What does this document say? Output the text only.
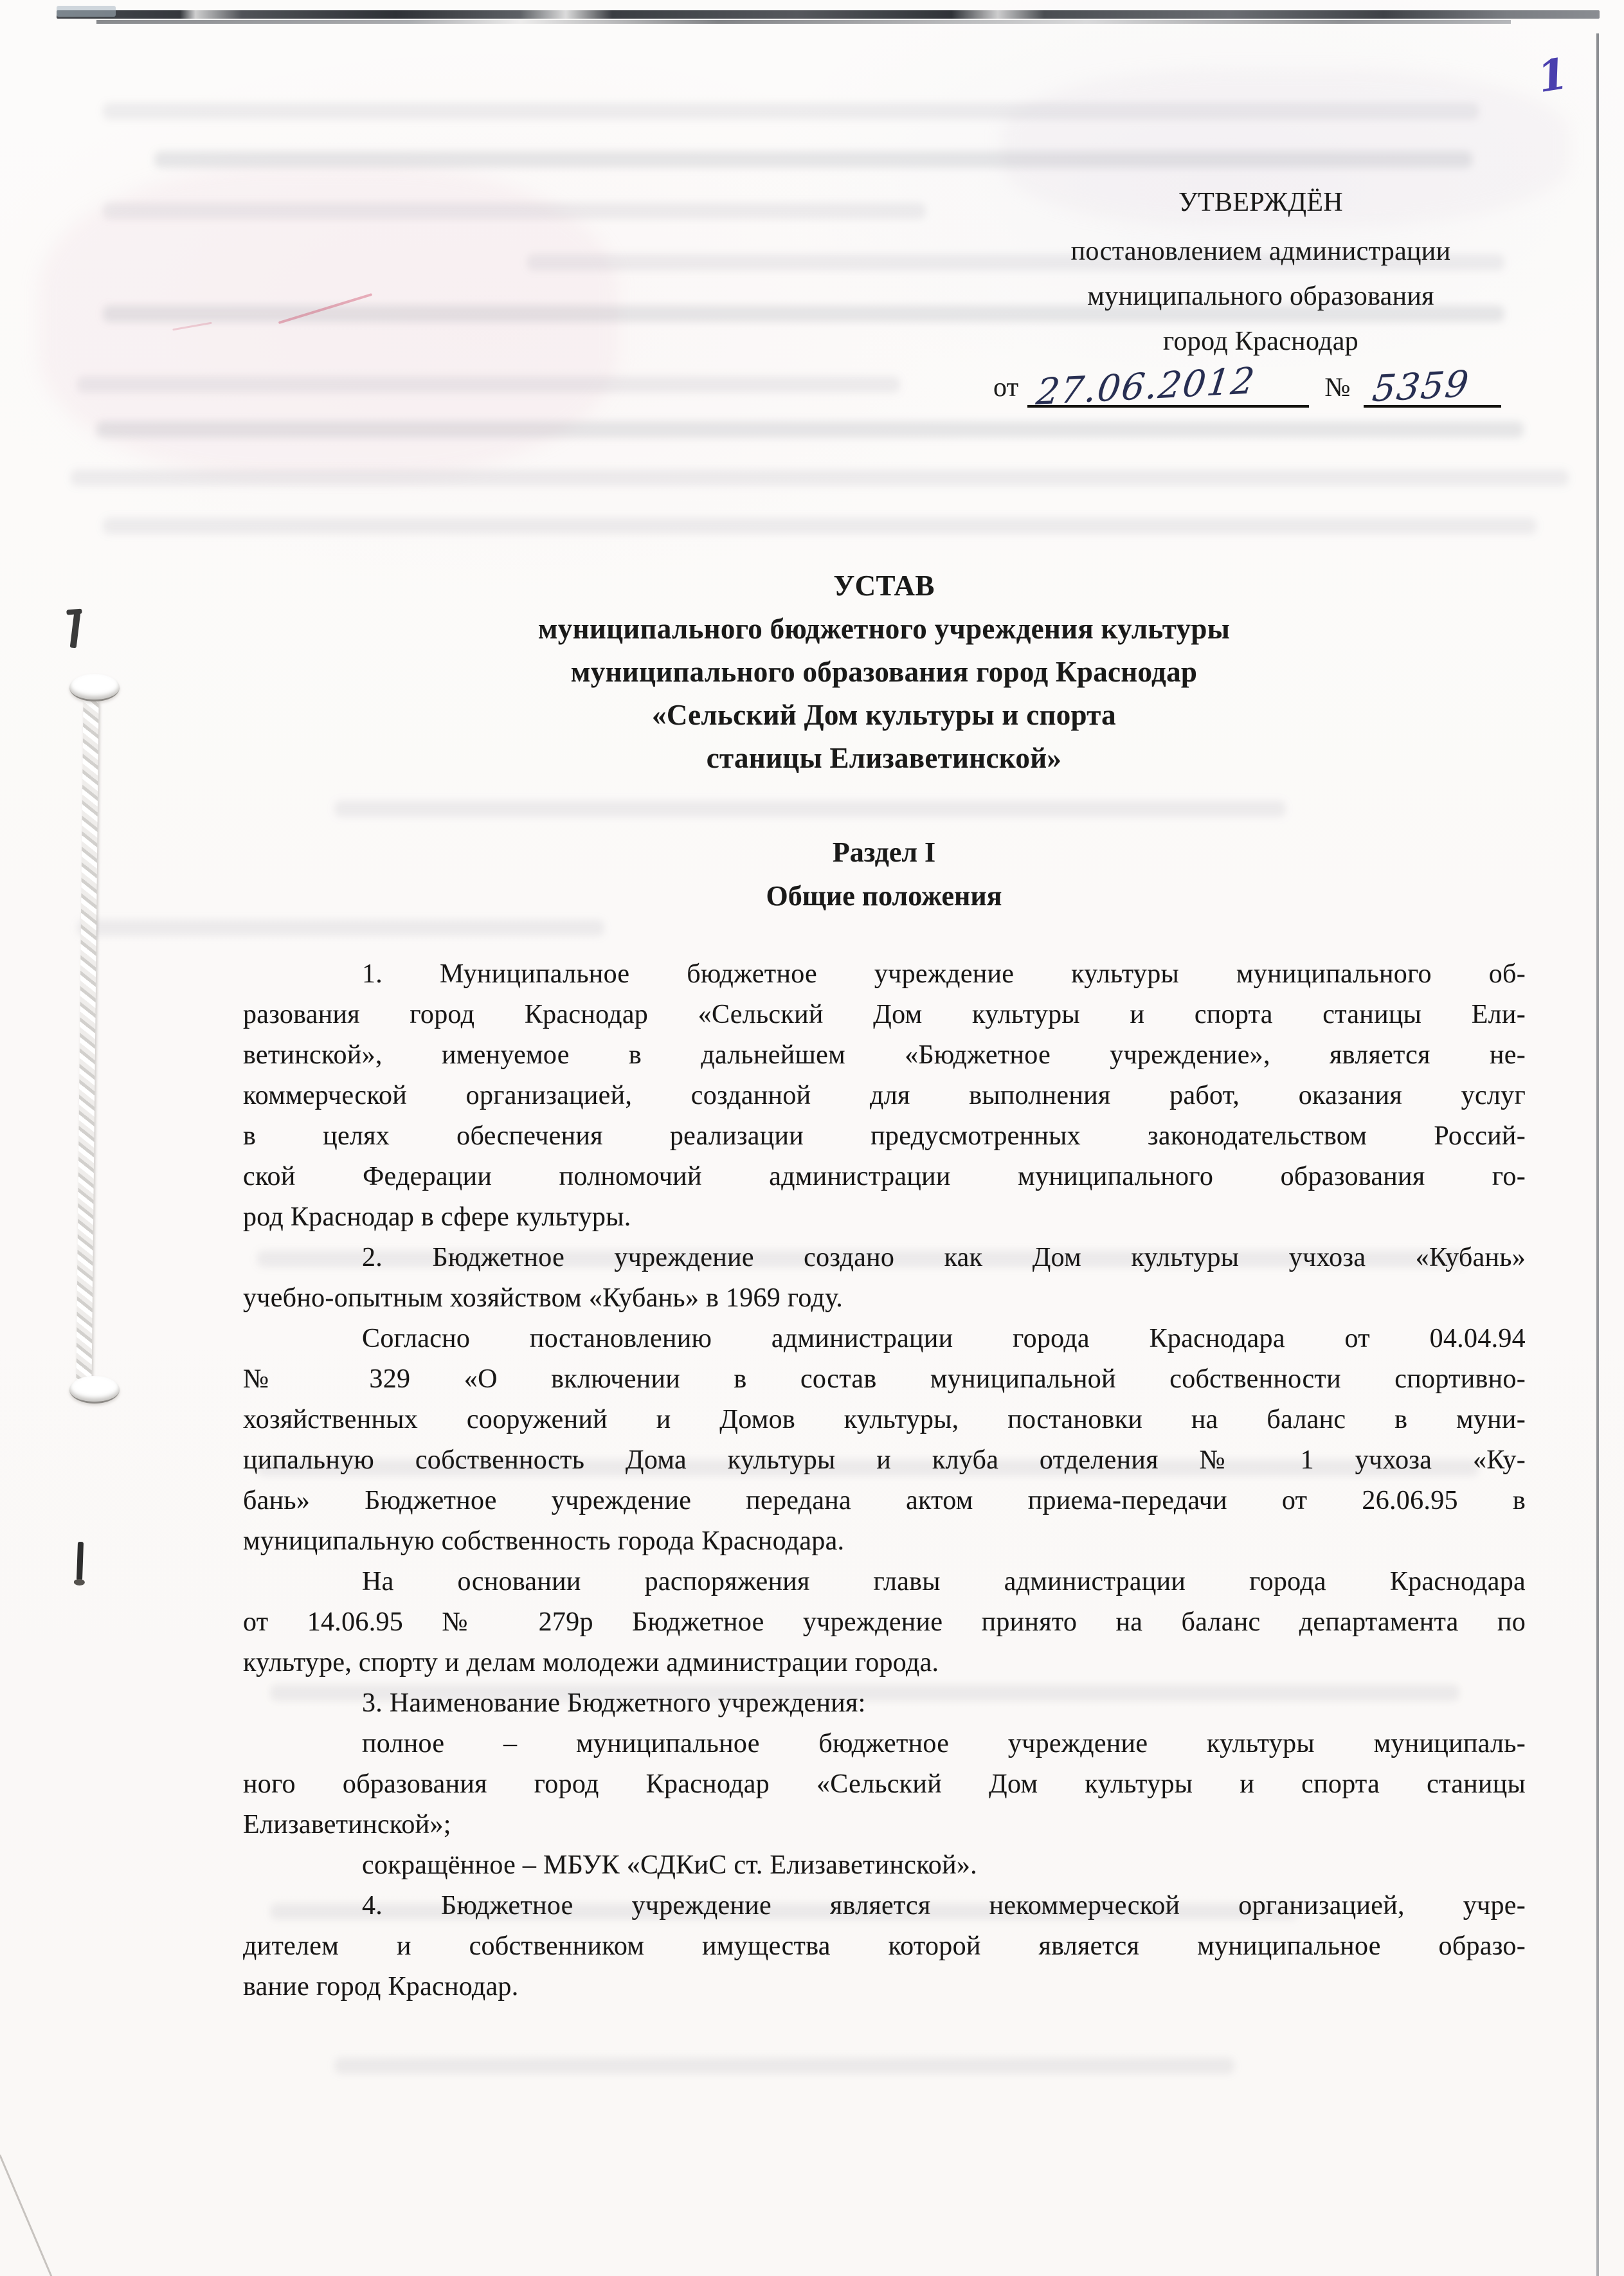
1
УТВЕРЖДЁН
постановлением администрации
муниципального образования
город Краснодар
от 27.06.2012 № 5359
УСТАВ
муниципального бюджетного учреждения культуры
муниципального образования город Краснодар
«Сельский Дом культуры и спорта
станицы Елизаветинской»
Раздел I
Общие положения
1. Муниципальное бюджетное учреждение культуры муниципального об-
разования город Краснодар «Сельский Дом культуры и спорта станицы Ели-
ветинской», именуемое в дальнейшем «Бюджетное учреждение», является не-
коммерческой организацией, созданной для выполнения работ, оказания услуг
в целях обеспечения реализации предусмотренных законодательством Россий-
ской Федерации полномочий администрации муниципального образования го-
род Краснодар в сфере культуры.
2. Бюджетное учреждение создано как Дом культуры учхоза «Кубань»
учебно-опытным хозяйством «Кубань» в 1969 году.
Согласно постановлению администрации города Краснодара от 04.04.94
№ 329 «О включении в состав муниципальной собственности спортивно-
хозяйственных сооружений и Домов культуры, постановки на баланс в муни-
ципальную собственность Дома культуры и клуба отделения № 1 учхоза «Ку-
бань» Бюджетное учреждение передана актом приема-передачи от 26.06.95 в
муниципальную собственность города Краснодара.
На основании распоряжения главы администрации города Краснодара
от 14.06.95 № 279р Бюджетное учреждение принято на баланс департамента по
культуре, спорту и делам молодежи администрации города.
3. Наименование Бюджетного учреждения:
полное – муниципальное бюджетное учреждение культуры муниципаль-
ного образования город Краснодар «Сельский Дом культуры и спорта станицы
Елизаветинской»;
сокращённое – МБУК «СДКиС ст. Елизаветинской».
4. Бюджетное учреждение является некоммерческой организацией, учре-
дителем и собственником имущества которой является муниципальное образо-
вание город Краснодар.
